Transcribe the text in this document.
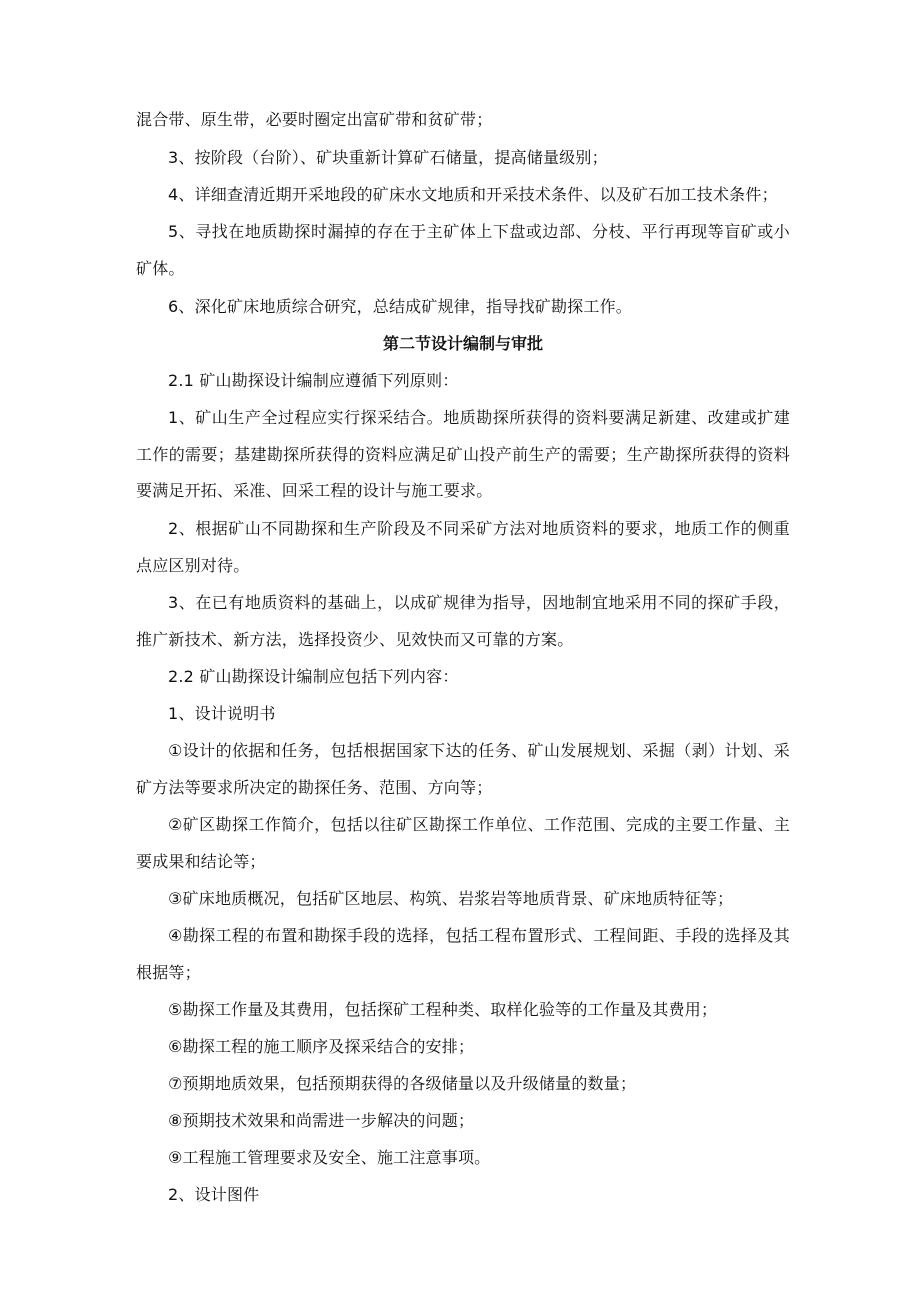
混合带、原生带，必要时圈定出富矿带和贫矿带；

3、按阶段（台阶）、矿块重新计算矿石储量，提高储量级别；

4、详细查清近期开采地段的矿床水文地质和开采技术条件、以及矿石加工技术条件；

5、寻找在地质勘探时漏掉的存在于主矿体上下盘或边部、分枝、平行再现等盲矿或小矿体。

6、深化矿床地质综合研究，总结成矿规律，指导找矿勘探工作。

第二节设计编制与审批

2.1 矿山勘探设计编制应遵循下列原则：

1、矿山生产全过程应实行探采结合。地质勘探所获得的资料要满足新建、改建或扩建工作的需要；基建勘探所获得的资料应满足矿山投产前生产的需要；生产勘探所获得的资料要满足开拓、采准、回采工程的设计与施工要求。

2、根据矿山不同勘探和生产阶段及不同采矿方法对地质资料的要求，地质工作的侧重点应区别对待。

3、在已有地质资料的基础上，以成矿规律为指导，因地制宜地采用不同的探矿手段，推广新技术、新方法，选择投资少、见效快而又可靠的方案。

2.2 矿山勘探设计编制应包括下列内容：

1、设计说明书

①设计的依据和任务，包括根据国家下达的任务、矿山发展规划、采掘（剥）计划、采矿方法等要求所决定的勘探任务、范围、方向等；

②矿区勘探工作简介，包括以往矿区勘探工作单位、工作范围、完成的主要工作量、主要成果和结论等；

③矿床地质概况，包括矿区地层、构筑、岩浆岩等地质背景、矿床地质特征等；

④勘探工程的布置和勘探手段的选择，包括工程布置形式、工程间距、手段的选择及其根据等；

⑤勘探工作量及其费用，包括探矿工程种类、取样化验等的工作量及其费用；

⑥勘探工程的施工顺序及探采结合的安排；

⑦预期地质效果，包括预期获得的各级储量以及升级储量的数量；

⑧预期技术效果和尚需进一步解决的问题；

⑨工程施工管理要求及安全、施工注意事项。

2、设计图件
